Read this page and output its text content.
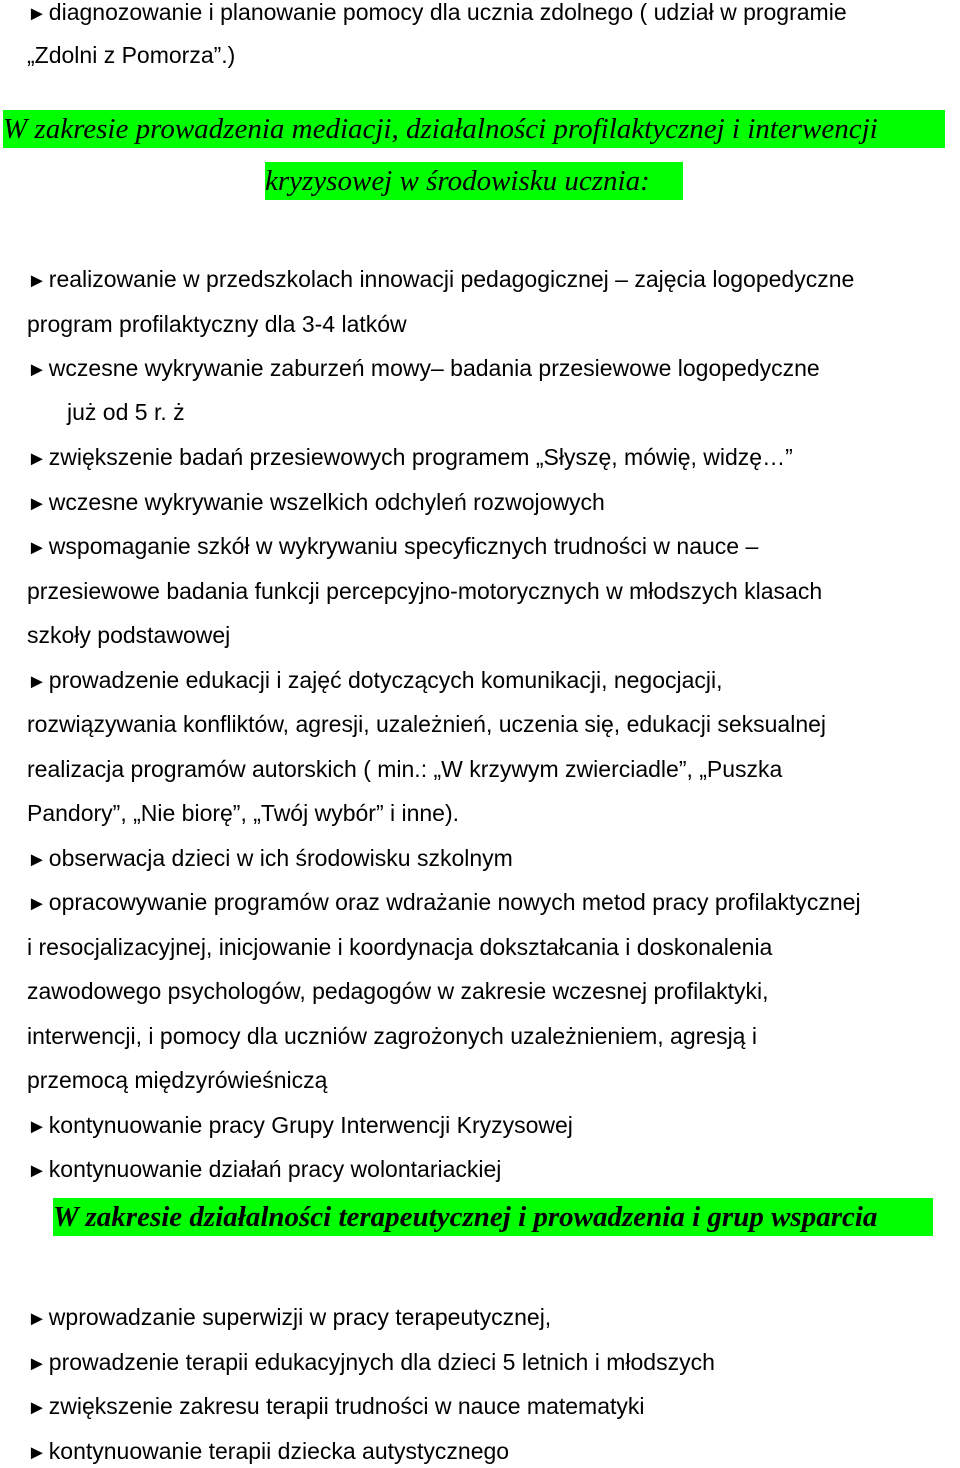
►diagnozowanie i planowanie pomocy dla ucznia zdolnego ( udział w programie
„Zdolni z Pomorza”.)
W zakresie prowadzenia mediacji, działalności profilaktycznej i interwencji
kryzysowej w środowisku ucznia:
►realizowanie w przedszkolach innowacji pedagogicznej – zajęcia logopedyczne
program profilaktyczny dla 3-4 latków
►wczesne wykrywanie zaburzeń mowy– badania przesiewowe logopedyczne
już od 5 r. ż
►zwiększenie badań przesiewowych programem „Słyszę, mówię, widzę…”
►wczesne wykrywanie wszelkich odchyleń rozwojowych
►wspomaganie szkół w wykrywaniu specyficznych trudności w nauce –
przesiewowe badania funkcji percepcyjno-motorycznych w młodszych klasach
szkoły podstawowej
►prowadzenie edukacji i zajęć dotyczących komunikacji, negocjacji,
rozwiązywania konfliktów, agresji, uzależnień, uczenia się, edukacji seksualnej
realizacja programów autorskich ( min.: „W krzywym zwierciadle”, „Puszka
Pandory”, „Nie biorę”, „Twój wybór” i inne).
►obserwacja dzieci w ich środowisku szkolnym
►opracowywanie programów oraz wdrażanie nowych metod pracy profilaktycznej
i resocjalizacyjnej, inicjowanie i koordynacja dokształcania i doskonalenia
zawodowego psychologów, pedagogów w zakresie wczesnej profilaktyki,
interwencji, i pomocy dla uczniów zagrożonych uzależnieniem, agresją i
przemocą międzyrówieśniczą
►kontynuowanie pracy Grupy Interwencji Kryzysowej
►kontynuowanie działań pracy wolontariackiej
W zakresie działalności terapeutycznej i prowadzenia i grup wsparcia
►wprowadzanie superwizji w pracy terapeutycznej,
►prowadzenie terapii edukacyjnych dla dzieci 5 letnich i młodszych
►zwiększenie zakresu terapii trudności w nauce matematyki
►kontynuowanie terapii dziecka autystycznego
